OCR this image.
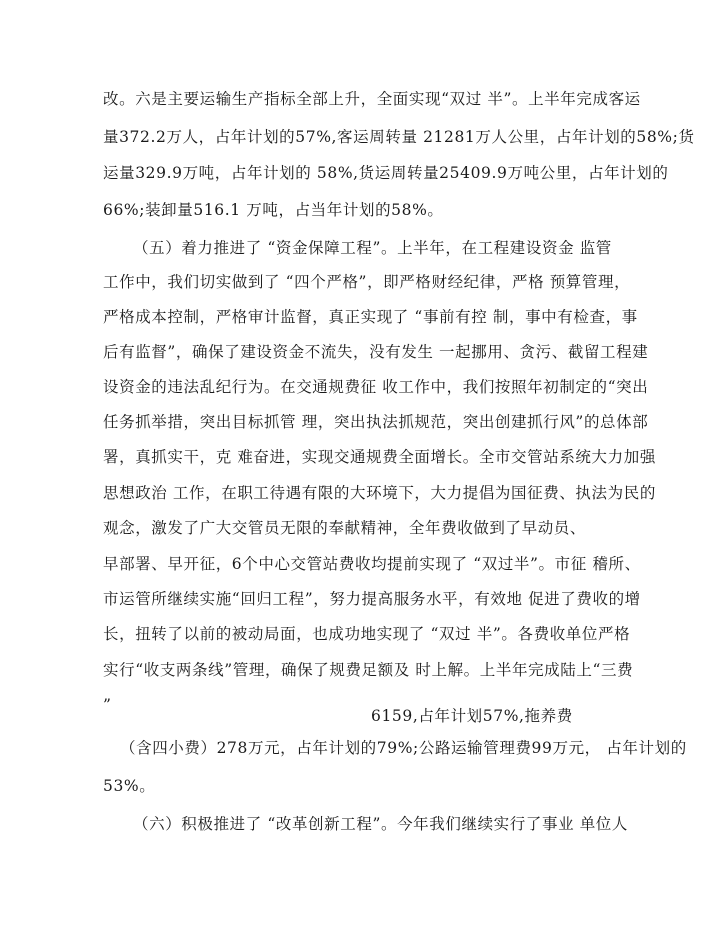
改。六是主要运输生产指标全部上升，全面实现“双过 半”。上半年完成客运
量372.2万人，占年计划的57%,客运周转量 21281万人公里，占年计划的58%;货
运量329.9万吨，占年计划的 58%,货运周转量25409.9万吨公里，占年计划的
66%;装卸量516.1 万吨，占当年计划的58%。
（五）着力推进了 “资金保障工程”。上半年，在工程建设资金 监管
工作中，我们切实做到了 “四个严格”，即严格财经纪律，严格 预算管理，
严格成本控制，严格审计监督，真正实现了 “事前有控 制，事中有检查，事
后有监督”，确保了建设资金不流失，没有发生 一起挪用、贪污、截留工程建
设资金的违法乱纪行为。在交通规费征 收工作中，我们按照年初制定的“突出
任务抓举措，突出目标抓管 理，突出执法抓规范，突出创建抓行风”的总体部
署，真抓实干，克 难奋进，实现交通规费全面增长。全市交管站系统大力加强
思想政治 工作，在职工待遇有限的大环境下，大力提倡为国征费、执法为民的
观念，激发了广大交管员无限的奉献精神，全年费收做到了早动员、
早部署、早开征，6个中心交管站费收均提前实现了 “双过半”。市征 稽所、
市运管所继续实施“回归工程”，努力提高服务水平，有效地 促进了费收的增
长，扭转了以前的被动局面，也成功地实现了 “双过 半”。各费收单位严格
实行“收支两条线”管理，确保了规费足额及 时上解。上半年完成陆上“三费
”
6159,占年计划57%,拖养费
（含四小费）278万元，占年计划的79%;公路运输管理费99万元， 占年计划的
53%。
（六）积极推进了 “改革创新工程”。今年我们继续实行了事业 单位人
